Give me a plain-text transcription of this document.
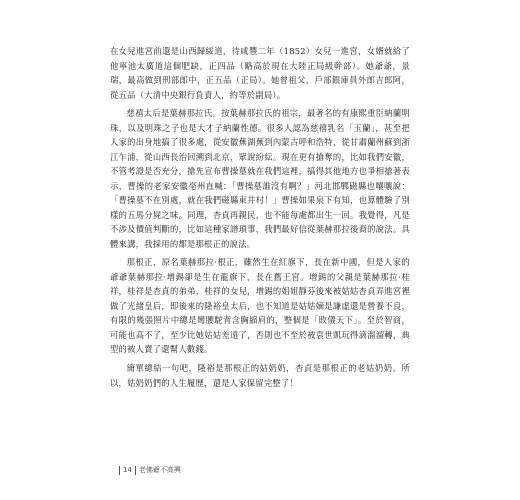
在女兒進宮前還是山西歸綏道，待咸豐二年（1852）女兒一進宮，女婿就給了他寧池太廣道這個肥缺，正四品（略高於現在大陸正局級幹部）。她爺爺，景瑞，最高做到刑部郎中，正五品（正局）。她曾祖父，戶部銀庫員外郎吉郎阿，從五品（大清中央銀行負責人，約等於副局）。

慈禧太后是葉赫那拉氏。按葉赫那拉氏的祖宗，最著名的有康熙重臣納蘭明珠，以及明珠之子也是大才子納蘭性德。很多人認為慈禧乳名「玉蘭」，甚至把人家的出身地搞了很多處，從安徽蕪湖蕪到內蒙古呼和浩特，從甘肅蘭州蘇到浙江乍浦，從山西長治回溯到北京，眾說紛紜。現在更有搶奪的，比如我們安徽，不管考證是否充分，搶先宣布曹操墓就在我們這裡，搞得其他地方也爭相搶著表示，曹操的老家安徽亳州直喊：「曹操墓誰沒有啊？」河北邯鄲磁縣也嚷嚷說：「曹操墓不在別處，就在我們磁縣東井村！」曹操如果泉下有知，也算體驗了別樣的五馬分屍之味。同理，杏貞再親民，也不能每處都出生一回。我覺得，凡是不涉及價值判斷的，比如這種家譜瑣事，我們最好信從葉赫那拉後裔的說法。具體來講，我採用的都是那根正的說法。

那根正，原名葉赫那拉·根正，雖然生在紅旗下，長在新中國，但是人家的爺爺葉赫那拉·增錫卻是生在龍旗下，長在舊王宮。增錫的父親是葉赫那拉·桂祥，桂祥是杏貞的弟弟，桂祥的女兒，增錫的姐姐靜芬後來被姑姑杏貞弄進宮裡做了光緒皇后，即後來的隆裕皇太后，也不知道是姑姑嫡是謙虛還是營養不良，有限的幾張照片中總是彎腰駝背含胸縮肩的，整個是「敗儀天下」。至於智商，可能也高不了，至少比她姑姑差遠了，否則也不至於被袁世凱玩得滴溜溜轉，典型的被人賣了還幫人數錢。

簡單總結一句吧，隆裕是那根正的姑奶奶，杏貞是那根正的老姑奶奶。所以，姑奶奶們的人生履歷，還是人家保留完整了！

14 老佛爺不高興
